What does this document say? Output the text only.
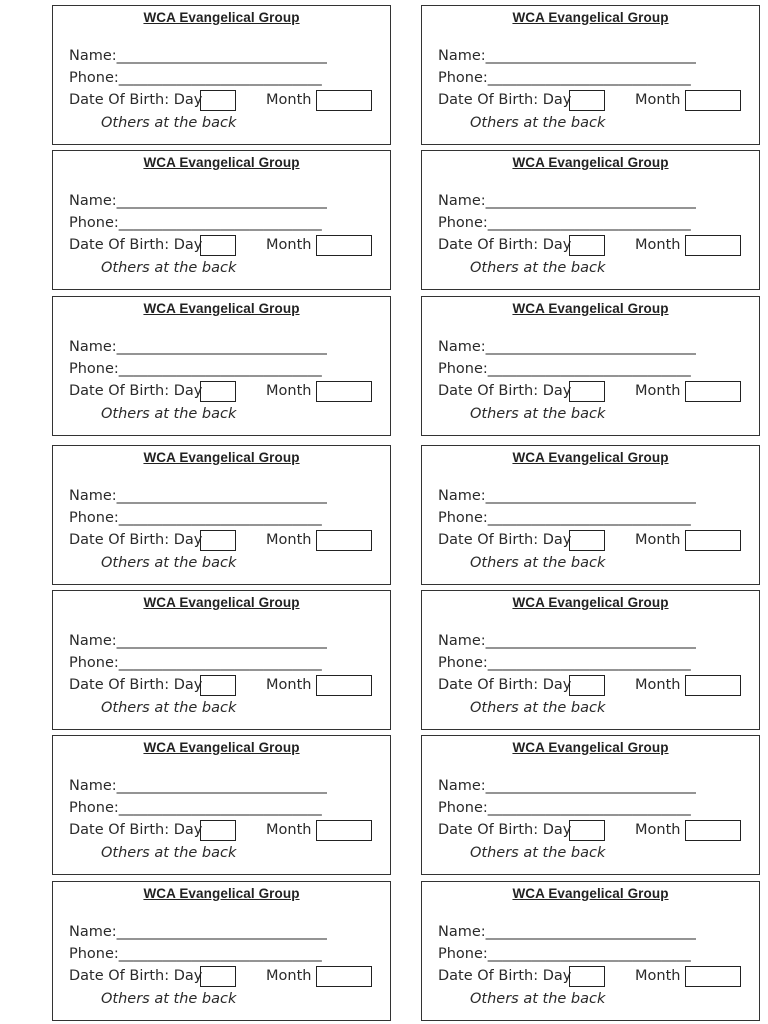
WCA Evangelical Group
Name:_____________________________
Phone:____________________________
Date Of Birth: Day	Month
Others at the back
WCA Evangelical Group
Name:_____________________________
Phone:____________________________
Date Of Birth: Day	Month
Others at the back
WCA Evangelical Group
Name:_____________________________
Phone:____________________________
Date Of Birth: Day	Month
Others at the back
WCA Evangelical Group
Name:_____________________________
Phone:____________________________
Date Of Birth: Day	Month
Others at the back
WCA Evangelical Group
Name:_____________________________
Phone:____________________________
Date Of Birth: Day	Month
Others at the back
WCA Evangelical Group
Name:_____________________________
Phone:____________________________
Date Of Birth: Day	Month
Others at the back
WCA Evangelical Group
Name:_____________________________
Phone:____________________________
Date Of Birth: Day	Month
Others at the back
WCA Evangelical Group
Name:_____________________________
Phone:____________________________
Date Of Birth: Day	Month
Others at the back
WCA Evangelical Group
Name:_____________________________
Phone:____________________________
Date Of Birth: Day	Month
Others at the back
WCA Evangelical Group
Name:_____________________________
Phone:____________________________
Date Of Birth: Day	Month
Others at the back
WCA Evangelical Group
Name:_____________________________
Phone:____________________________
Date Of Birth: Day	Month
Others at the back
WCA Evangelical Group
Name:_____________________________
Phone:____________________________
Date Of Birth: Day	Month
Others at the back
WCA Evangelical Group
Name:_____________________________
Phone:____________________________
Date Of Birth: Day	Month
Others at the back
WCA Evangelical Group
Name:_____________________________
Phone:____________________________
Date Of Birth: Day	Month
Others at the back
